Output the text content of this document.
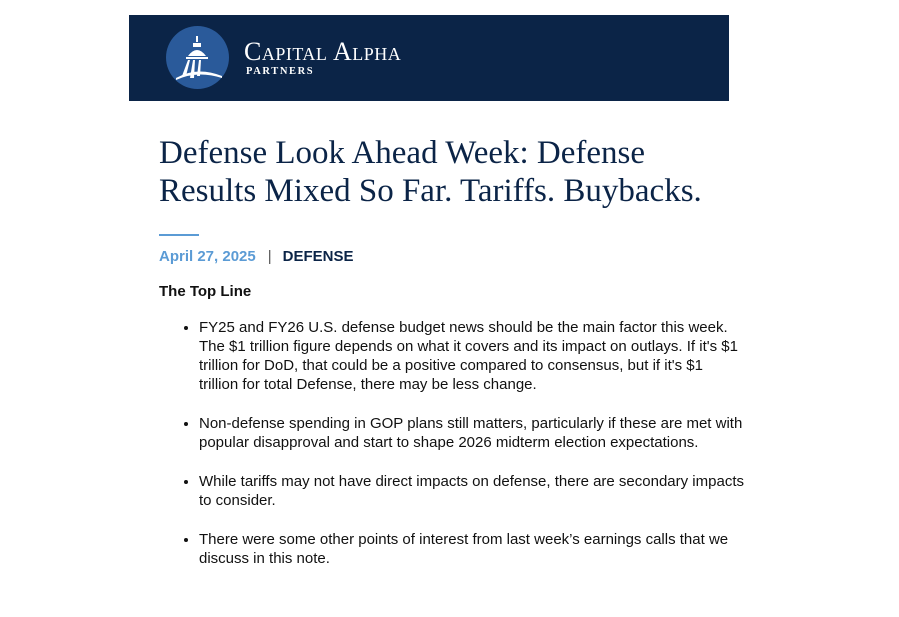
Capital Alpha
PARTNERS
Defense Look Ahead Week: Defense Results Mixed So Far. Tariffs. Buybacks.
April 27, 2025 | DEFENSE
The Top Line
• FY25 and FY26 U.S. defense budget news should be the main factor this week. The $1 trillion figure depends on what it covers and its impact on outlays. If it's $1 trillion for DoD, that could be a positive compared to consensus, but if it's $1 trillion for total Defense, there may be less change.
• Non-defense spending in GOP plans still matters, particularly if these are met with popular disapproval and start to shape 2026 midterm election expectations.
• While tariffs may not have direct impacts on defense, there are secondary impacts to consider.
• There were some other points of interest from last week’s earnings calls that we discuss in this note.
